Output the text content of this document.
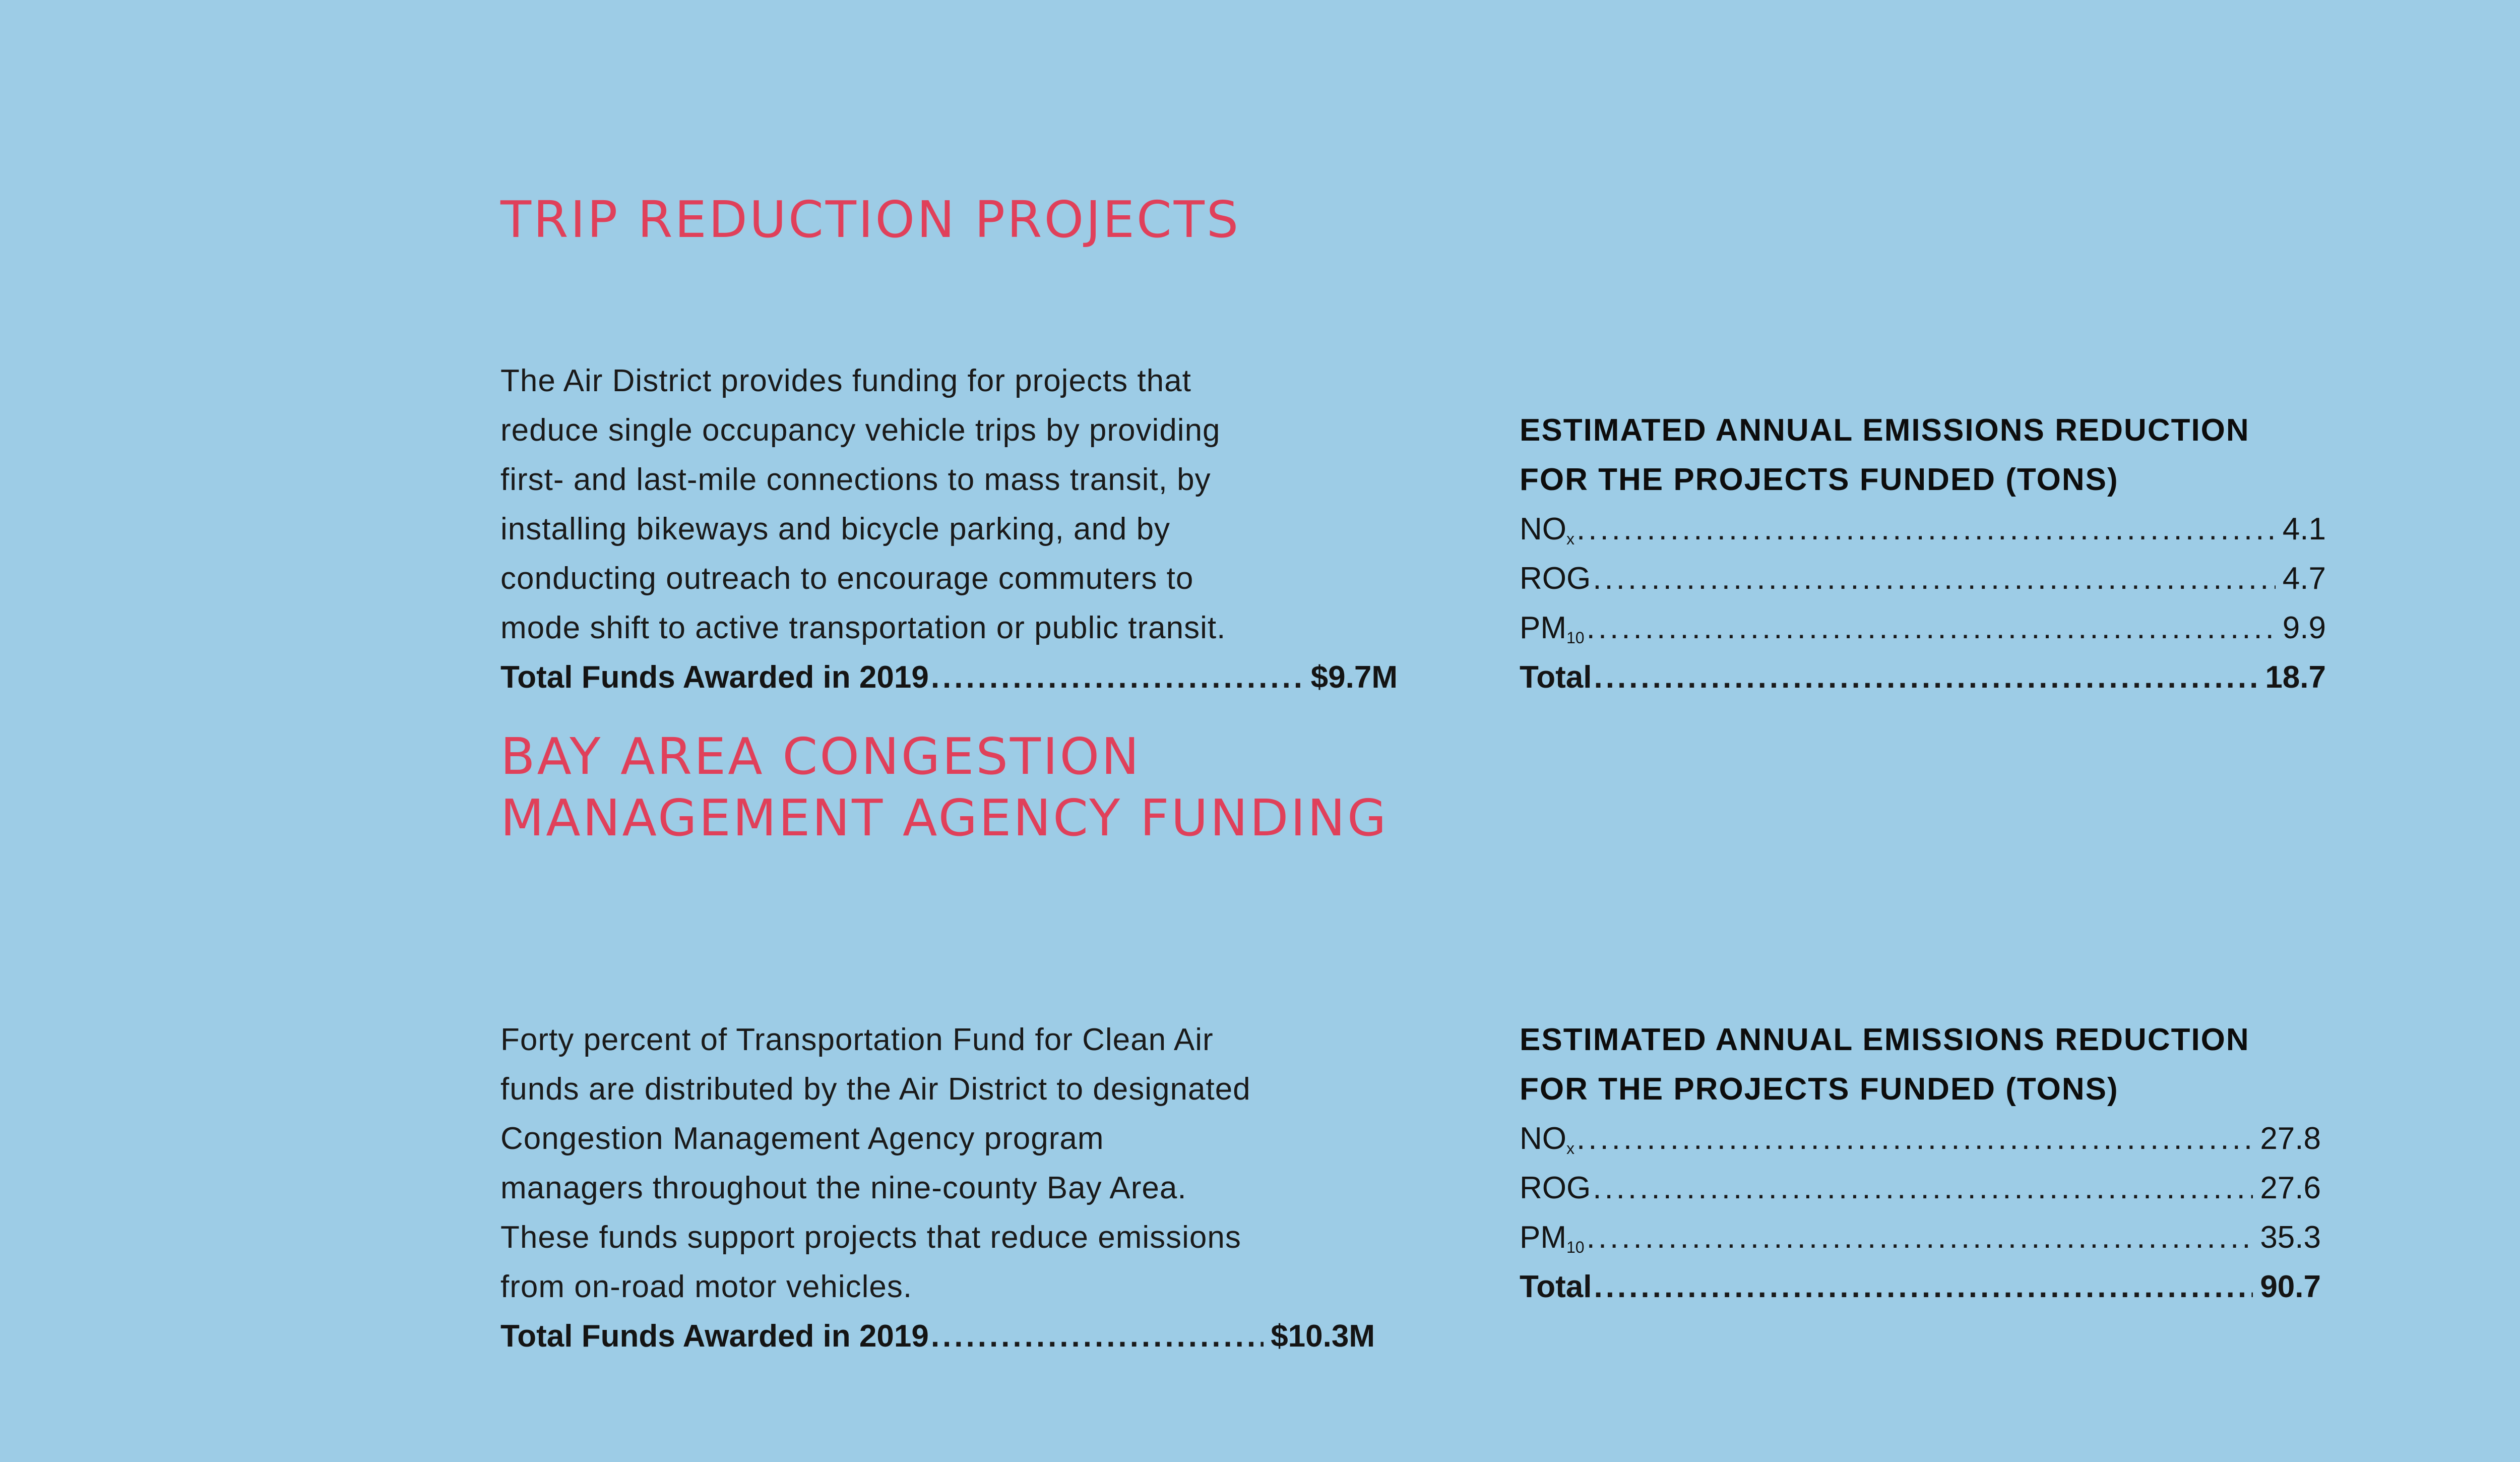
TRIP REDUCTION PROJECTS

The Air District provides funding for projects that
reduce single occupancy vehicle trips by providing
first- and last-mile connections to mass transit, by
installing bikeways and bicycle parking, and by
conducting outreach to encourage commuters to
mode shift to active transportation or public transit.

Total Funds Awarded in 2019 .....	$9.7M
ESTIMATED ANNUAL EMISSIONS REDUCTION
FOR THE PROJECTS FUNDED (TONS)
$NO_x$ .....	4.1
ROG .....	4.7
$PM_{10}$ .....	9.9
Total .....	18.7
BAY AREA CONGESTION
MANAGEMENT AGENCY FUNDING

Forty percent of Transportation Fund for Clean Air
funds are distributed by the Air District to designated
Congestion Management Agency program
managers throughout the nine-county Bay Area.
These funds support projects that reduce emissions
from on-road motor vehicles.

Total Funds Awarded in 2019 .....	$10.3M
ESTIMATED ANNUAL EMISSIONS REDUCTION
FOR THE PROJECTS FUNDED (TONS)
$NO_x$ .....	27.8
ROG .....	27.6
$PM_{10}$ .....	35.3
Total .....	90.7
